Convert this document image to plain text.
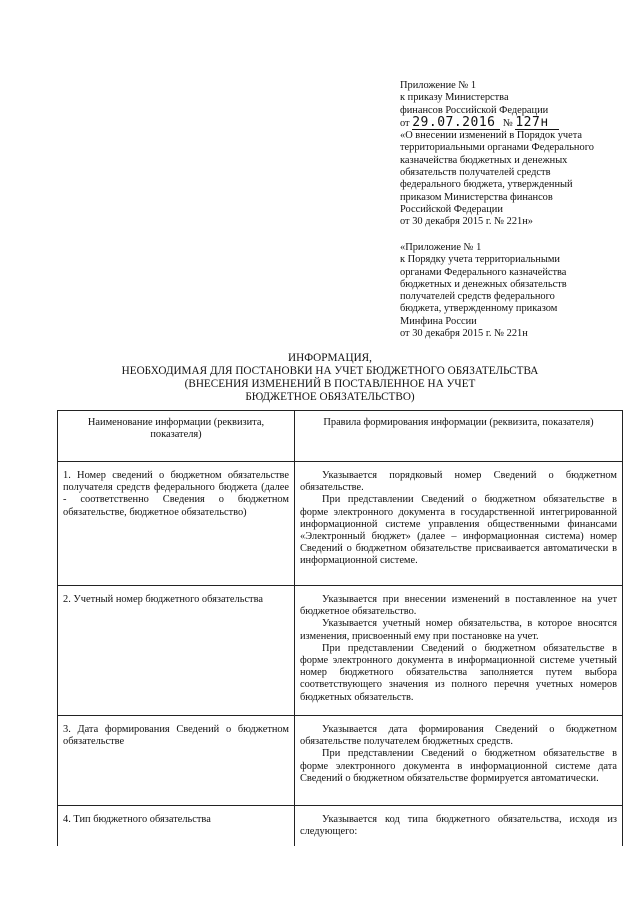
Приложение № 1
к приказу Министерства
финансов Российской Федерации
от 29.07.2016 № 127н
«О внесении изменений в Порядок учета
территориальными органами Федерального
казначейства бюджетных и денежных
обязательств получателей средств
федерального бюджета, утвержденный
приказом Министерства финансов
Российской Федерации
от 30 декабря 2015 г. № 221н»
«Приложение № 1
к Порядку учета территориальными
органами Федерального казначейства
бюджетных и денежных обязательств
получателей средств федерального
бюджета, утвержденному приказом
Минфина России
от 30 декабря 2015 г. № 221н
ИНФОРМАЦИЯ,
НЕОБХОДИМАЯ ДЛЯ ПОСТАНОВКИ НА УЧЕТ БЮДЖЕТНОГО ОБЯЗАТЕЛЬСТВА
(ВНЕСЕНИЯ ИЗМЕНЕНИЙ В ПОСТАВЛЕННОЕ НА УЧЕТ
БЮДЖЕТНОЕ ОБЯЗАТЕЛЬСТВО)
Наименование информации (реквизита, показателя)	Правила формирования информации (реквизита, показателя)
1. Номер сведений о бюджетном обязательстве получателя средств федерального бюджета (далее - соответственно Сведения о бюджетном обязательстве, бюджетное обязательство)	Указывается порядковый номер Сведений о бюджетном обязательстве.

При представлении Сведений о бюджетном обязательстве в форме электронного документа в государственной интегрированной информационной системе управления общественными финансами «Электронный бюджет» (далее – информационная система) номер Сведений о бюджетном обязательстве присваивается автоматически в информационной системе.

2. Учетный номер бюджетного обязательства	Указывается при внесении изменений в поставленное на учет бюджетное обязательство.

Указывается учетный номер обязательства, в которое вносятся изменения, присвоенный ему при постановке на учет.

При представлении Сведений о бюджетном обязательстве в форме электронного документа в информационной системе учетный номер бюджетного обязательства заполняется путем выбора соответствующего значения из полного перечня учетных номеров бюджетных обязательств.

3. Дата формирования Сведений о бюджетном обязательстве	Указывается дата формирования Сведений о бюджетном обязательстве получателем бюджетных средств.

При представлении Сведений о бюджетном обязательстве в форме электронного документа в информационной системе дата Сведений о бюджетном обязательстве формируется автоматически.

4. Тип бюджетного обязательства	Указывается код типа бюджетного обязательства, исходя из следующего:
